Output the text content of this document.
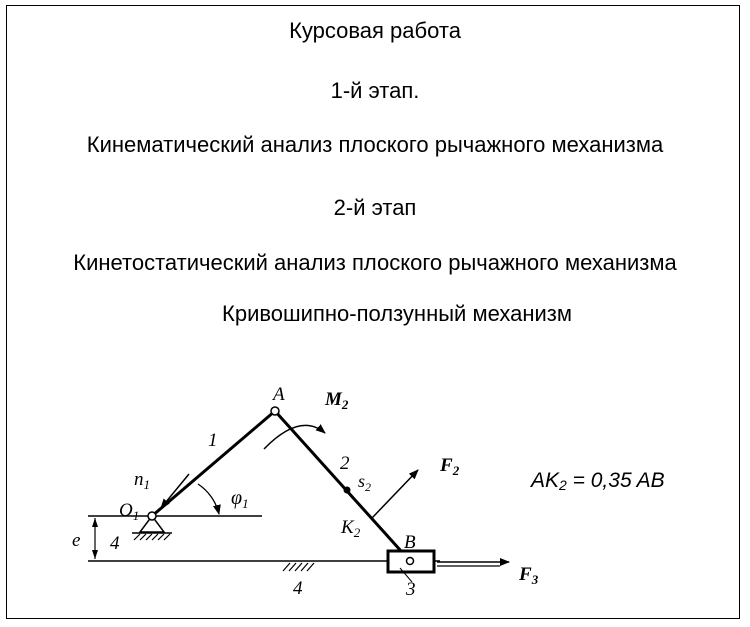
Курсовая работа
1-й этап.
Кинематический анализ плоского рычажного механизма
2-й этап
Кинетостатический анализ плоского рычажного механизма
Кривошипно-ползунный механизм
A
B
$O_1$
1
2
3
4
4
$n_1$
$\varphi_1$
$s_2$
$K_2$
e
$M_2$
$F_2$
$F_3$
AK2 = 0,35 AB
